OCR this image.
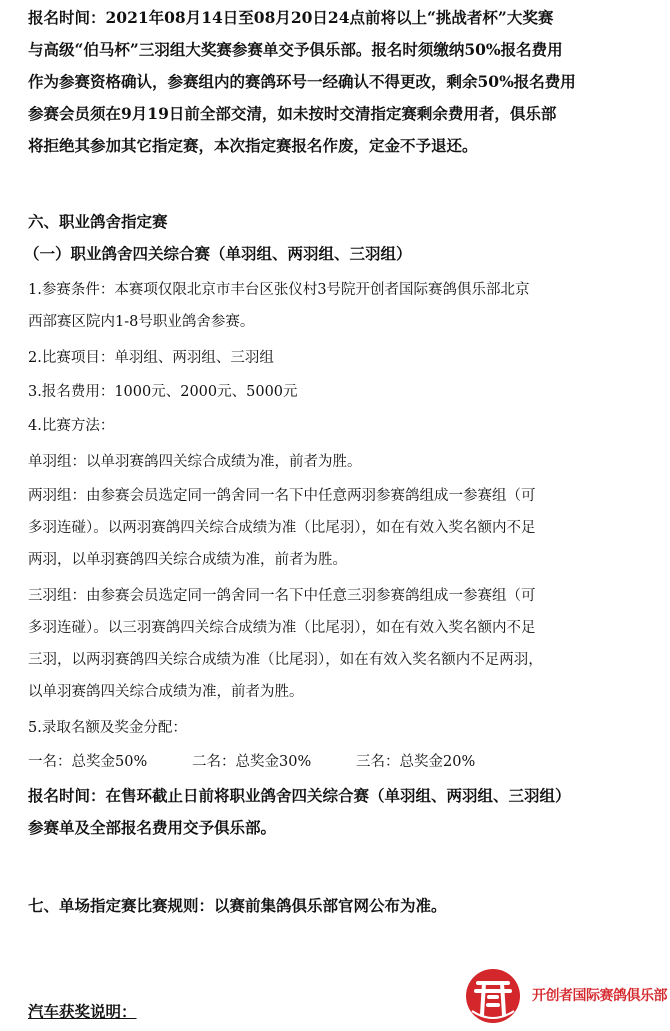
报名时间：2021年08月14日至08月20日24点前将以上“挑战者杯”大奖赛
与高级“伯马杯”三羽组大奖赛参赛单交予俱乐部。报名时须缴纳50%报名费用
作为参赛资格确认，参赛组内的赛鸽环号一经确认不得更改，剩余50%报名费用
参赛会员须在9月19日前全部交清，如未按时交清指定赛剩余费用者，俱乐部
将拒绝其参加其它指定赛，本次指定赛报名作废，定金不予退还。
六、职业鸽舍指定赛
（一）职业鸽舍四关综合赛（单羽组、两羽组、三羽组）
1.参赛条件：本赛项仅限北京市丰台区张仪村3号院开创者国际赛鸽俱乐部北京
西部赛区院内1-8号职业鸽舍参赛。
2.比赛项目：单羽组、两羽组、三羽组
3.报名费用：1000元、2000元、5000元
4.比赛方法：
单羽组：以单羽赛鸽四关综合成绩为准，前者为胜。
两羽组：由参赛会员选定同一鸽舍同一名下中任意两羽参赛鸽组成一参赛组（可
多羽连碰）。以两羽赛鸽四关综合成绩为准（比尾羽），如在有效入奖名额内不足
两羽，以单羽赛鸽四关综合成绩为准，前者为胜。
三羽组：由参赛会员选定同一鸽舍同一名下中任意三羽参赛鸽组成一参赛组（可
多羽连碰）。以三羽赛鸽四关综合成绩为准（比尾羽），如在有效入奖名额内不足
三羽，以两羽赛鸽四关综合成绩为准（比尾羽），如在有效入奖名额内不足两羽，
以单羽赛鸽四关综合成绩为准，前者为胜。
5.录取名额及奖金分配：
一名：总奖金50%	二名：总奖金30%	三名：总奖金20%
报名时间：在售环截止日前将职业鸽舍四关综合赛（单羽组、两羽组、三羽组）
参赛单及全部报名费用交予俱乐部。
七、单场指定赛比赛规则：以赛前集鸽俱乐部官网公布为准。
汽车获奖说明：
开创者国际赛鸽俱乐部
